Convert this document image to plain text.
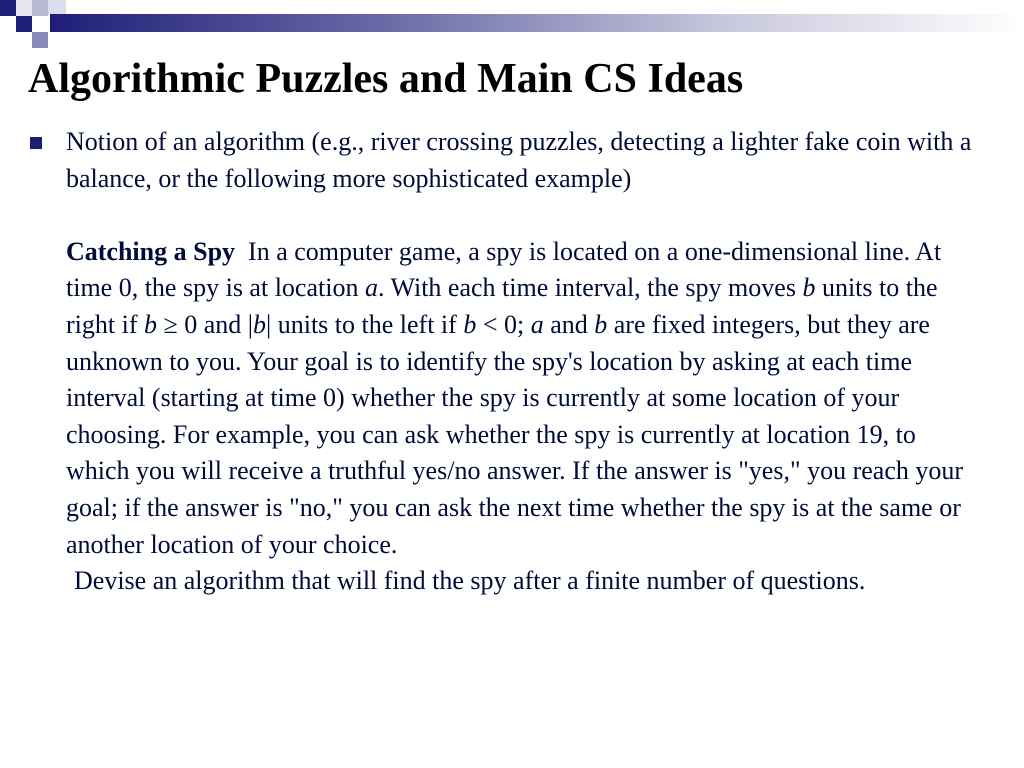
Algorithmic Puzzles and Main CS Ideas

Notion of an algorithm (e.g., river crossing puzzles, detecting a lighter fake coin with a balance, or the following more sophisticated example)

Catching a Spy In a computer game, a spy is located on a one-dimensional line. At time 0, the spy is at location a. With each time interval, the spy moves b units to the right if b ≥ 0 and |b| units to the left if b < 0; a and b are fixed integers, but they are unknown to you. Your goal is to identify the spy's location by asking at each time interval (starting at time 0) whether the spy is currently at some location of your choosing. For example, you can ask whether the spy is currently at location 19, to which you will receive a truthful yes/no answer. If the answer is "yes," you reach your goal; if the answer is "no," you can ask the next time whether the spy is at the same or another location of your choice.

Devise an algorithm that will find the spy after a finite number of questions.
